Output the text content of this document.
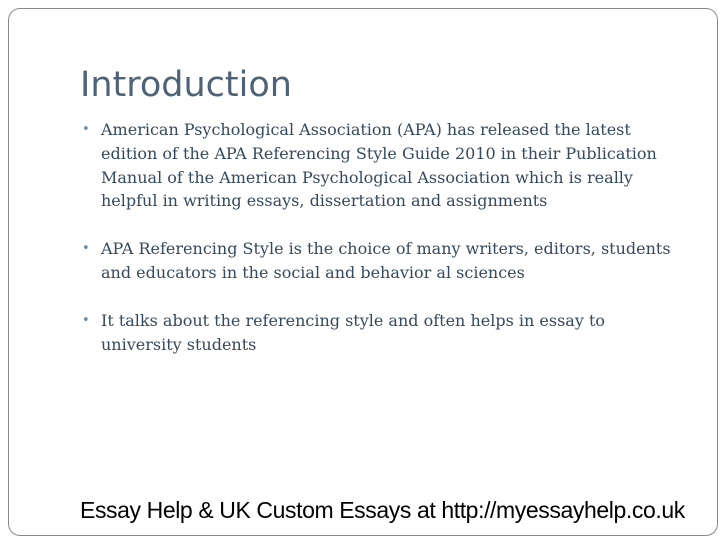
Introduction
• American Psychological Association (APA) has released the latest edition of the APA Referencing Style Guide 2010 in their Publication Manual of the American Psychological Association which is really helpful in writing essays, dissertation and assignments
• APA Referencing Style is the choice of many writers, editors, students and educators in the social and behavior al sciences
• It talks about the referencing style and often helps in essay to university students
Essay Help & UK Custom Essays at http://myessayhelp.co.uk
